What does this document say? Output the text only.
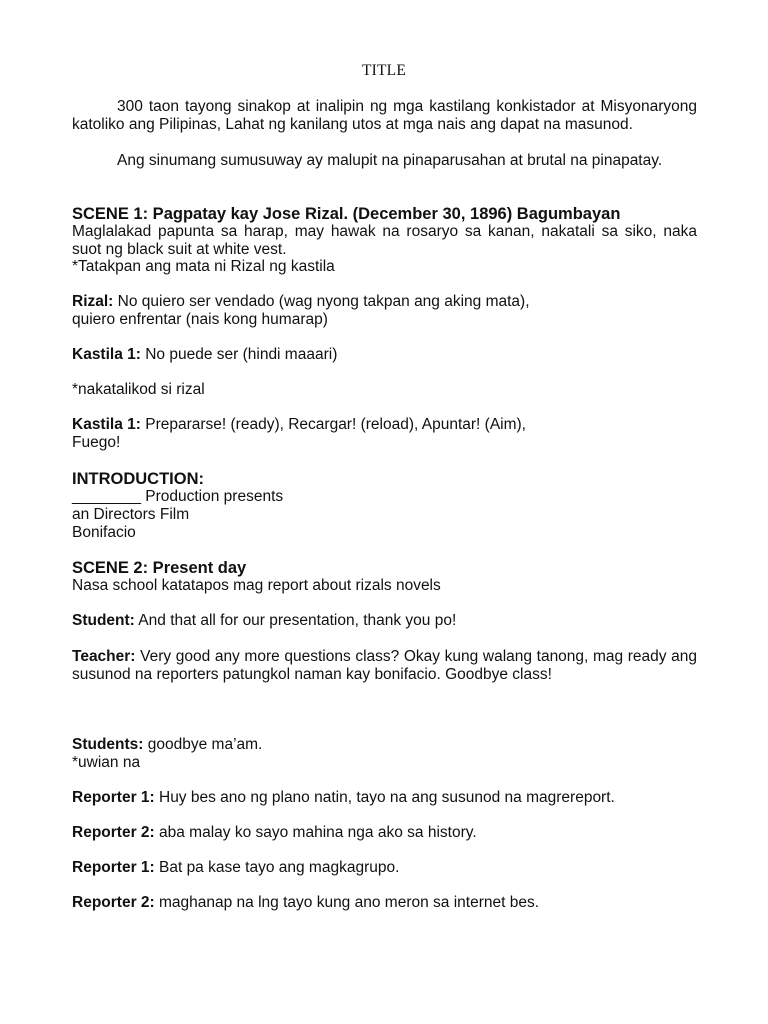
TITLE

300 taon tayong sinakop at inalipin ng mga kastilang konkistador at Misyonaryong katoliko ang Pilipinas, Lahat ng kanilang utos at mga nais ang dapat na masunod.

Ang sinumang sumusuway ay malupit na pinaparusahan at brutal na pinapatay.

SCENE 1: Pagpatay kay Jose Rizal. (December 30, 1896) Bagumbayan

Maglalakad papunta sa harap, may hawak na rosaryo sa kanan, nakatali sa siko, naka suot ng black suit at white vest.

*Tatakpan ang mata ni Rizal ng kastila
Rizal: No quiero ser vendado (wag nyong takpan ang aking mata),
quiero enfrentar (nais kong humarap)
Kastila 1: No puede ser (hindi maaari)
*nakatalikod si rizal
Kastila 1: Prepararse! (ready), Recargar! (reload), Apuntar! (Aim),
Fuego!
INTRODUCTION:
________ Production presents
an Directors Film
Bonifacio
SCENE 2: Present day
Nasa school katatapos mag report about rizals novels
Student: And that all for our presentation, thank you po!
Teacher: Very good any more questions class? Okay kung walang tanong, mag ready ang susunod na reporters patungkol naman kay bonifacio. Goodbye class!
Students: goodbye ma’am.
*uwian na
Reporter 1: Huy bes ano ng plano natin, tayo na ang susunod na magrereport.
Reporter 2: aba malay ko sayo mahina nga ako sa history.
Reporter 1: Bat pa kase tayo ang magkagrupo.
Reporter 2: maghanap na lng tayo kung ano meron sa internet bes.
